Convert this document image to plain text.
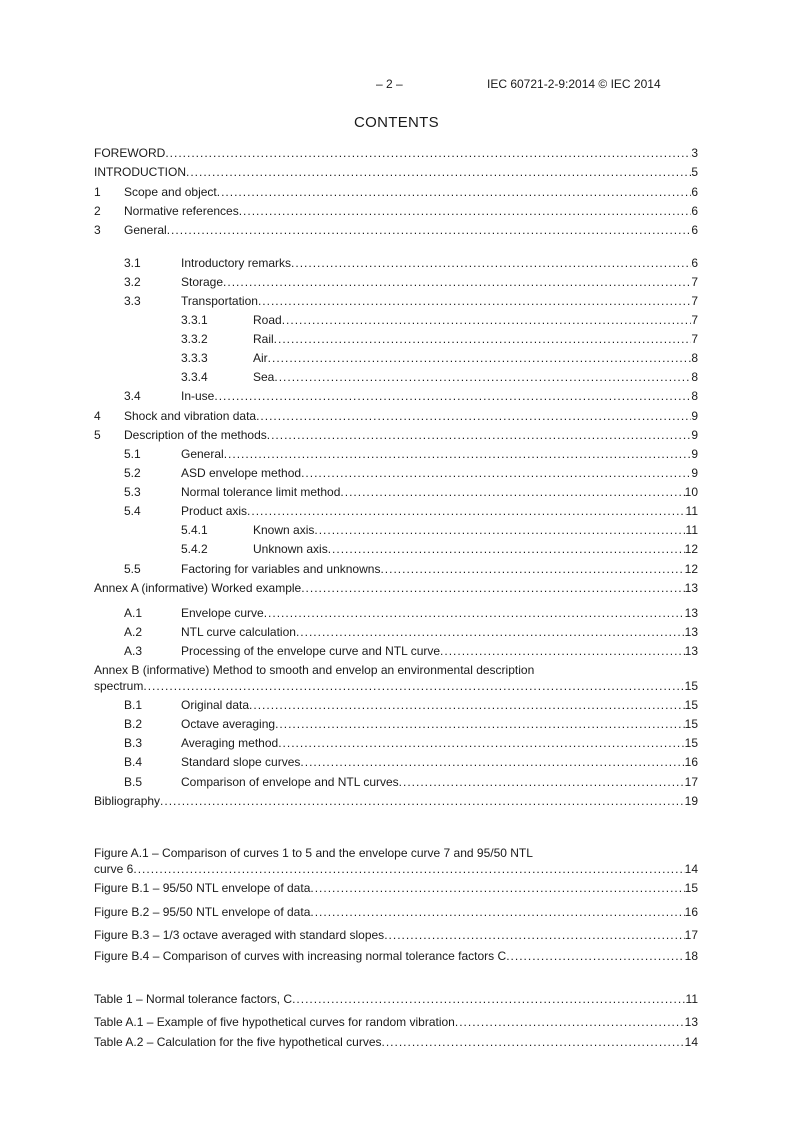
– 2 –	IEC 60721-2-9:2014 © IEC 2014
CONTENTS
FOREWORD .....	3
INTRODUCTION .....	5
1 Scope and object .....	6
2 Normative references .....	6
3 General .....	6
3.1	Introductory remarks .....	6
3.2	Storage .....	7
3.3	Transportation .....	7
3.3.1	Road .....	7
3.3.2	Rail .....	7
3.3.3	Air .....	8
3.3.4	Sea .....	8
3.4	In-use .....	8
4 Shock and vibration data .....	9
5 Description of the methods .....	9
5.1	General .....	9
5.2	ASD envelope method .....	9
5.3	Normal tolerance limit method .....	10
5.4	Product axis .....	11
5.4.1	Known axis .....	11
5.4.2	Unknown axis .....	12
5.5	Factoring for variables and unknowns .....	12
Annex A (informative) Worked example .....	13
A.1	Envelope curve .....	13
A.2	NTL curve calculation .....	13
A.3	Processing of the envelope curve and NTL curve .....	13
Annex B (informative) Method to smooth and envelop an environmental description
spectrum .....	15
B.1	Original data .....	15
B.2	Octave averaging .....	15
B.3	Averaging method .....	15
B.4	Standard slope curves .....	16
B.5	Comparison of envelope and NTL curves .....	17
Bibliography .....	19
Figure A.1 – Comparison of curves 1 to 5 and the envelope curve 7 and 95/50 NTL
curve 6 .....	14
Figure B.1 – 95/50 NTL envelope of data .....	15
Figure B.2 – 95/50 NTL envelope of data .....	16
Figure B.3 – 1/3 octave averaged with standard slopes .....	17
Figure B.4 – Comparison of curves with increasing normal tolerance factors C .....	18
Table 1 – Normal tolerance factors, C .....	11
Table A.1 – Example of five hypothetical curves for random vibration .....	13
Table A.2 – Calculation for the five hypothetical curves .....	14
